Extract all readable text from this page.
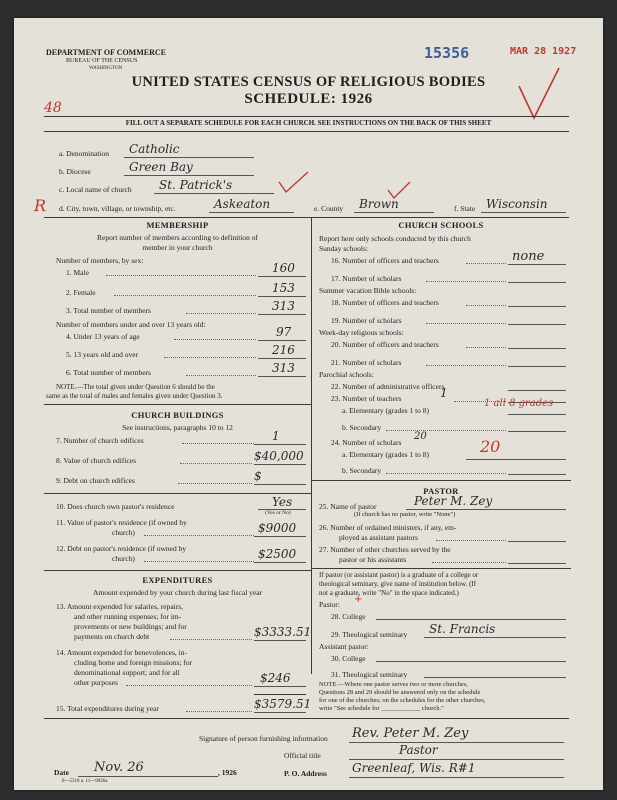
DEPARTMENT OF COMMERCE
BUREAU OF THE CENSUS
WASHINGTON
15356	MAR 28 1927
UNITED STATES CENSUS OF RELIGIOUS BODIES
SCHEDULE: 1926
48
FILL OUT A SEPARATE SCHEDULE FOR EACH CHURCH. SEE INSTRUCTIONS ON THE BACK OF THIS SHEET
a. Denomination Catholic
b. Diocese	Green Bay
c. Local name of church St. Patrick's
R d. City, town, village, or township, etc.	Askeaton	e. County Brown	f. State Wisconsin
MEMBERSHIP
Report number of members according to definition of
member in your church
Number of members, by sex:
1. Male	160
2. Female	153
3. Total number of members	313
Number of members under and over 13 years old:
4. Under 13 years of age	97
5. 13 years old and over	216
6. Total number of members	313
NOTE.—The total given under Question 6 should be the
same as the total of males and females given under Question 3.
CHURCH BUILDINGS
See instructions, paragraphs 10 to 12
7. Number of church edifices	1
8. Value of church edifices	$40,000
9. Debt on church edifices	$
10. Does church own pastor's residence	Yes
(Yes or No)
11. Value of pastor's residence (if owned by
church)	$9000
12. Debt on pastor's residence (if owned by
church)	$2500
EXPENDITURES
Amount expended by your church during last fiscal year
13. Amount expended for salaries, repairs,
and other running expenses; for im-
provements or new buildings; and for
payments on church debt	$3333.51
14. Amount expended for benevolences, in-
cluding home and foreign missions; for
denominational support; and for all
other purposes	$246
15. Total expenditures during year	$3579.51
CHURCH SCHOOLS
Report here only schools conducted by this church
Sunday schools:
16. Number of officers and teachers	none
17. Number of scholars
Summer vacation Bible schools:
18. Number of officers and teachers
19. Number of scholars
Week-day religious schools:
20. Number of officers and teachers
21. Number of scholars
Parochial schools:
22. Number of administrative officers
23. Number of teachers	1
a. Elementary (grades 1 to 8)
1 all 8 grades
b. Secondary
24. Number of scholars
20
a. Elementary (grades 1 to 8)	20
b. Secondary
PASTOR
25. Name of pastor	Peter M. Zey
(If church has no pastor, write "None")
26. Number of ordained ministers, if any, em-
ployed as assistant pastors
27. Number of other churches served by the
pastor or his assistants
If pastor (or assistant pastor) is a graduate of a college or
theological seminary, give name of institution below. (If
not a graduate, write "No" in the space indicated.)
Pastor: +
28. College
29. Theological seminary St. Francis
Assistant pastor:
30. College
31. Theological seminary
NOTE.—Where one pastor serves two or more churches,
Questions 28 and 29 should be answered only on the schedule
for one of the churches; on the schedules for the other churches,
write "See schedule for ____________ church."
Signature of person furnishing information Rev. Peter M. Zey
Official title	Pastor
Date Nov. 26	, 1926	P. O. Address Greenleaf, Wis. R#1
8—5318 a. 11—9026a
